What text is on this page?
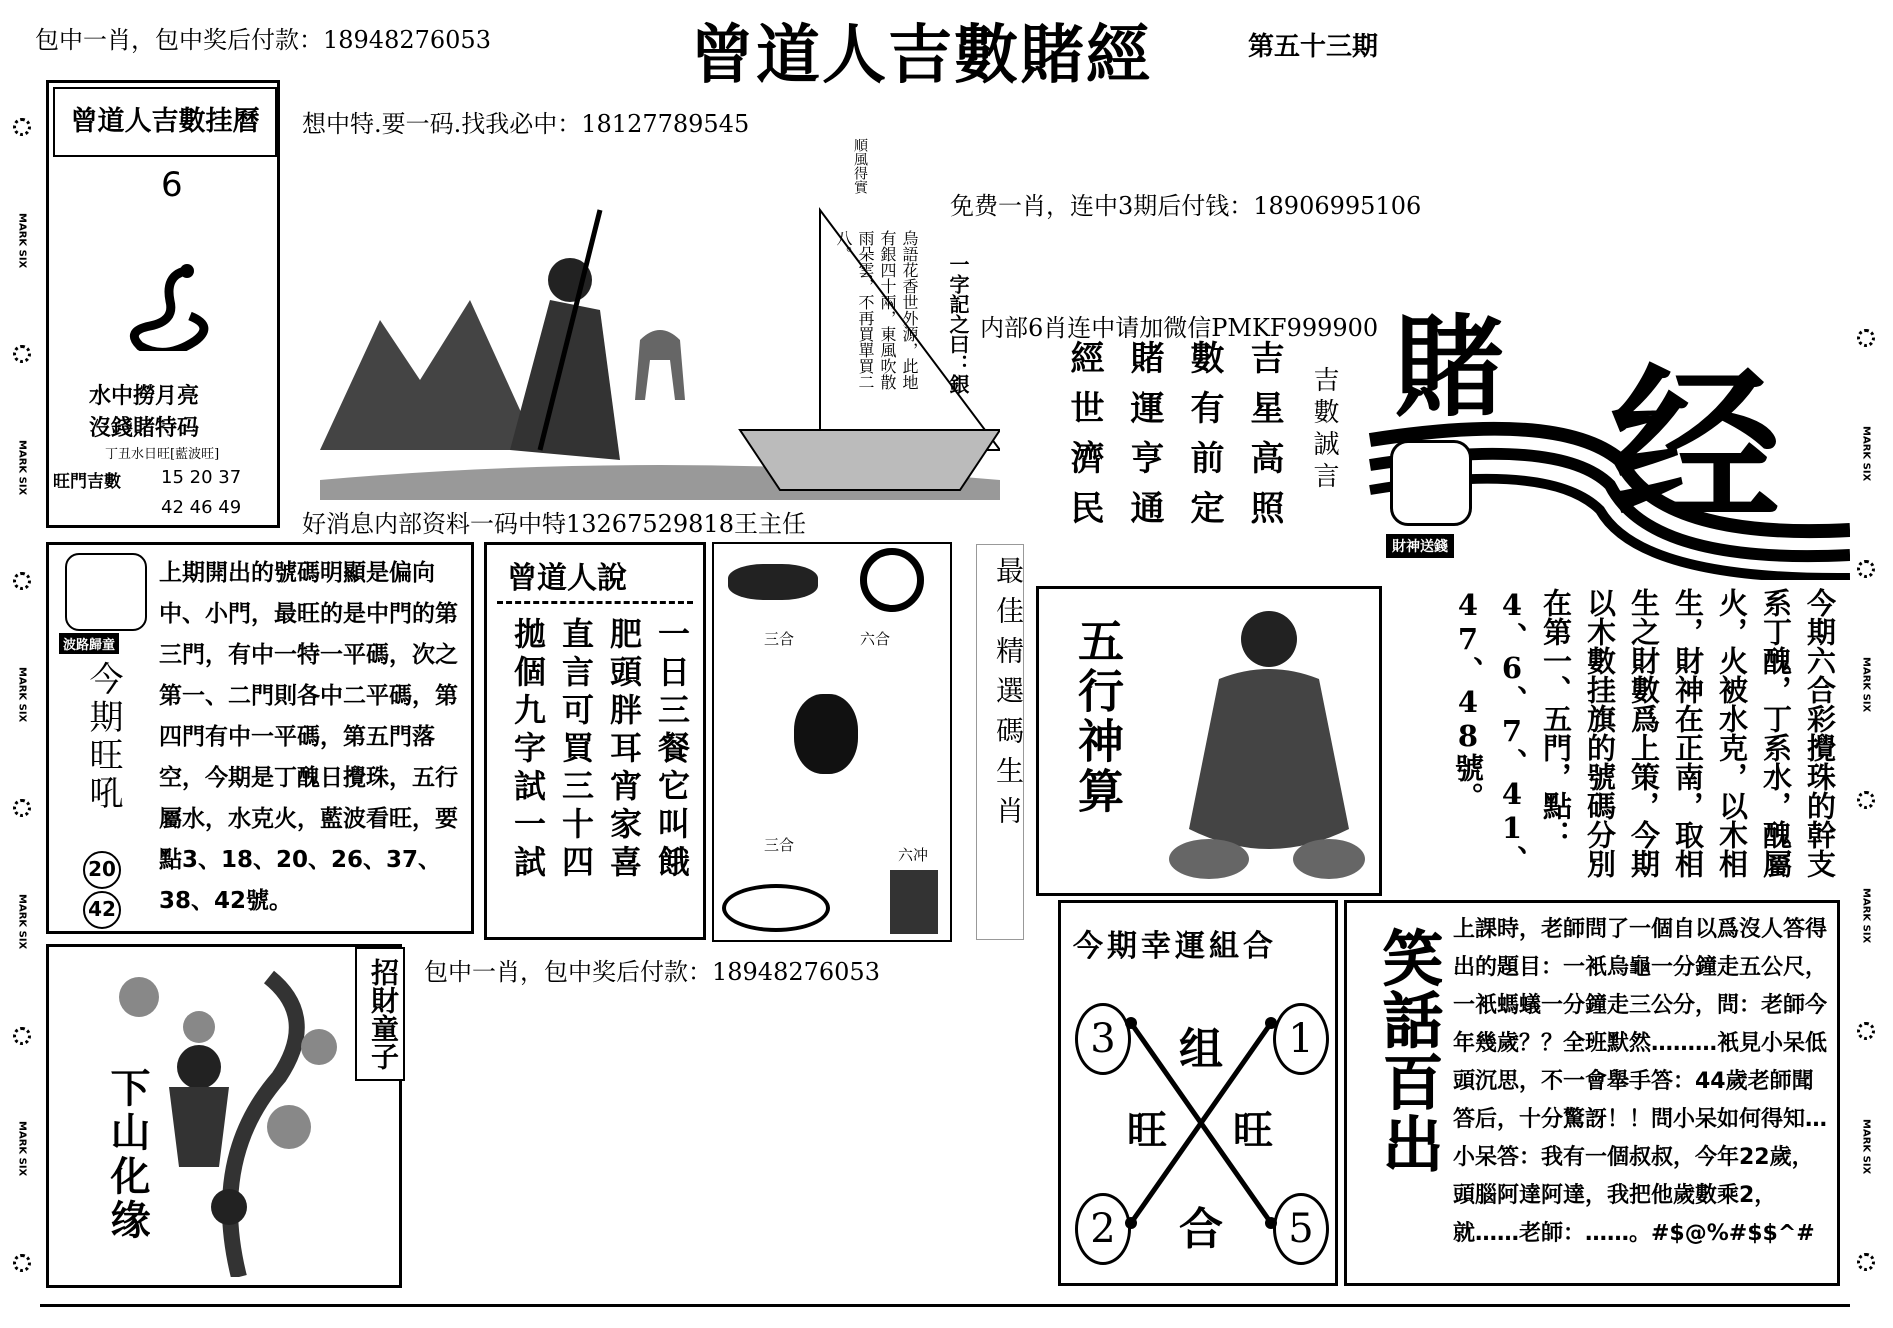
MARK SIX
MARK SIX
MARK SIX
MARK SIX
MARK SIX
MARK SIX
MARK SIX
MARK SIX
MARK SIX
曾道人吉數賭經	第五十三期
包中一肖，包中奖后付款：18948276053
曾道人吉數挂曆
6
水中撈月亮
沒錢賭特码
丁丑水日旺[藍波旺]
旺門吉數 15 20 37
42 46 49
順風得實
烏語花香世外源，此地有銀四十兩，東風吹散雨朵雲，不再買單買二八。
一字記之曰：銀
想中特.要一码.找我必中：18127789545
免费一肖，连中3期后付钱：18906995106
内部6肖连中请加微信PMKF999900
好消息内部资料一码中特13267529818王主任	吉星高照
數有前定
賭運亨通
經世濟民	吉數誠言 賭 经
財神送錢
波路歸童
今期旺吼
20
42
上期開出的號碼明顯是偏向中、小門，最旺的是中門的第三門，有中一特一平碼，次之第一、二門則各中二平碼，第四門有中一平碼，第五門落空，今期是丁醜日攪珠，五行屬水，水克火，藍波看旺，要點3、18、20、26、37、38、42號。
曾道人說
一日三餐它叫餓
肥頭胖耳宵家喜
直言可買三十四
拋個九字試一試	三合	六合
三合
六冲
最佳精選碼生肖
包中一肖，包中奖后付款：18948276053
五行神算	今期六合彩攪珠的幹支系丁醜，丁系水，醜屬火，火被水克，以木相生，財神在正南，取相生之財數爲上策，今期以木數挂旗的號碼分別在第一、五門，點：4、6、7、41、47、48號。
今期幸運組合
3	1
2	5
旺 旺
组
合
笑話百出 上課時，老師問了一個自以爲沒人答得出的題目：一衹烏龜一分鐘走五公尺，一衹螞蟻一分鐘走三公分，問：老師今年幾歲？？全班默然………衹見小呆低頭沉思，不一會舉手答：44歲老師聞答后，十分驚訝！！問小呆如何得知…小呆答：我有一個叔叔，今年22歲，頭腦阿達阿達，我把他歲數乘2，就……老師：……。#$@%#$$^#
下山化缘
招財童子
